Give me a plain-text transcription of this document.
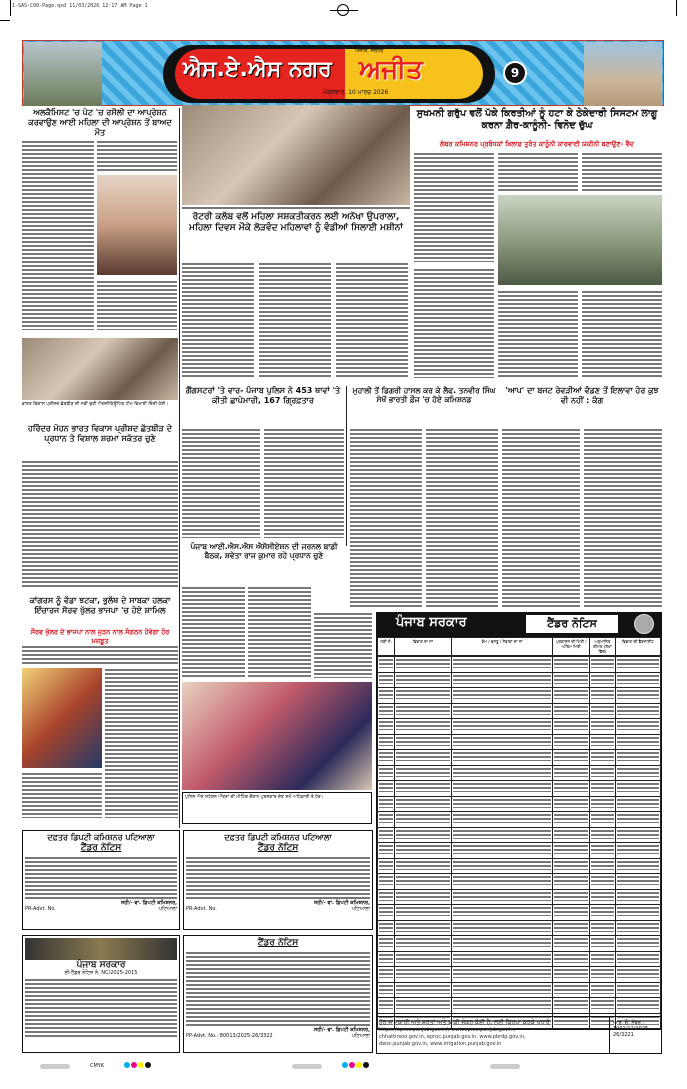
1-SAS-C00-Page.qxd 11/03/2026 12:17 AM Page 1
ਐਸ.ਏ.ਐਸ ਨਗਰ
ਅਜੀਤ, ਜਲੰਧਰ
ਅਜੀਤ
ਮੰਗਲਵਾਰ, 10 ਮਾਰਚ 2026
9
ਅਲਕੈਮਿਸਟ 'ਚ ਪੇਟ 'ਚ ਰਸੌਲੀ ਦਾ ਆਪ੍ਰੇਸ਼ਨ ਕਰਵਾਉਣ ਆਈ ਮਹਿਲਾ ਦੀ ਆਪ੍ਰੇਸ਼ਨ ਤੋਂ ਬਾਅਦ ਮੌਤ
ਭਾਰਤ ਵਿਕਾਸ ਪ੍ਰੀਸ਼ਦ ਛੱਤਬੀੜ ਦੀ ਨਵੀਂ ਚੁਣੀ ਐਗਜ਼ੀਕਿਊਟਿਵ ਟੀਮ ਵਿਖਾਈ ਦਿੰਦੀ ਹੋਈ।
ਹਰਿੰਦਰ ਮੋਹਨ ਭਾਰਤ ਵਿਕਾਸ ਪ੍ਰੀਸ਼ਦ ਛੱਤਬੀੜ ਦੇ ਪ੍ਰਧਾਨ ਤੇ ਵਿਸ਼ਾਲ ਸ਼ਰਮਾ ਸਕੱਤਰ ਚੁਣੇ
ਕਾਂਗਰਸ ਨੂੰ ਵੱਡਾ ਝਟਕਾ, ਭੁਲੱਥ ਦੇ ਸਾਬਕਾ ਹਲਕਾ ਇੰਚਾਰਜ ਸੌਰਵ ਖੁੱਲਰ ਭਾਜਪਾ 'ਚ ਹੋਏ ਸ਼ਾਮਿਲ
ਸੌਰਵ ਖੁੱਲਰ ਦੇ ਭਾਜਪਾ ਨਾਲ ਜੁੜਨ ਨਾਲ ਸੰਗਠਨ ਹੋਵੇਗਾ ਹੋਰ ਮਜ਼ਬੂਤ
ਰੋਟਰੀ ਕਲੱਬ ਵਲੋਂ ਮਹਿਲਾ ਸਸ਼ਕਤੀਕਰਨ ਲਈ ਅਨੋਖਾ ਉਪਰਾਲਾ, ਮਹਿਲਾ ਦਿਵਸ ਮੌਕੇ ਲੋੜਵੰਦ ਮਹਿਲਾਵਾਂ ਨੂੰ ਵੰਡੀਆਂ ਸਿਲਾਈ ਮਸ਼ੀਨਾਂ
ਸੁਖਮਨੀ ਗਰੁੱਪ ਵਲੋਂ ਪੱਕੇ ਕਿਰਤੀਆਂ ਨੂੰ ਹਟਾ ਕੇ ਠੇਕੇਦਾਰੀ ਸਿਸਟਮ ਲਾਗੂ ਕਰਨਾ ਗ਼ੈਰ-ਕਾਨੂੰਨੀ- ਵਿਨੋਦ ਚੁੱਘ
ਲੇਬਰ ਕਮਿਸ਼ਨਰ ਪ੍ਰਬੰਧਕਾਂ ਖ਼ਿਲਾਫ਼ ਤੁਰੰਤ ਕਾਨੂੰਨੀ ਕਾਰਵਾਈ ਯਕੀਨੀ ਬਣਾਉਣ- ਵੈਦ
ਗੈਂਗਸਟਰਾਂ 'ਤੇ ਵਾਰ- ਪੰਜਾਬ ਪੁਲਿਸ ਨੇ 453 ਥਾਵਾਂ 'ਤੇ ਕੀਤੀ ਛਾਪੇਮਾਰੀ, 167 ਗ੍ਰਿਫ਼ਤਾਰ
ਮੁਹਾਲੀ ਤੋਂ ਡਿਗਰੀ ਹਾਸਲ ਕਰ ਕੇ ਲੈਫ. ਤਨਵੀਰ ਸਿੰਘ ਸੇਖੋਂ ਭਾਰਤੀ ਫ਼ੌਜ 'ਚ ਹੋਏ ਕਮਿਸ਼ਨਡ
'ਆਪ' ਦਾ ਬਜਟ ਰੇਵੜੀਆਂ ਵੰਡਣ ਤੋਂ ਇਲਾਵਾ ਹੋਰ ਕੁਝ ਵੀ ਨਹੀਂ : ਕੰਗ
ਪੰਜਾਬ ਆਈ.ਐਸ.ਐਸ ਐਸੋਸੀਏਸ਼ਨ ਦੀ ਜਰਨਲ ਬਾਡੀ ਬੈਠਕ, ਸ਼ਵੇਤਾ ਰਾਜ ਕੁਮਾਰ ਰਹੇ ਪ੍ਰਧਾਨ ਚੁਣੇ
ਪੁਲਿਸ ਐਸ ਸਟੇਸ਼ਨ ਔਰਤਾਂ ਦੀ ਮੀਟਿੰਗ ਦੌਰਾਨ ਪੁਰਸਕਾਰ ਦੇਣ ਸਮੇਂ ਅਧਿਕਾਰੀ ਤੇ ਹੋਰ।
ਦਫ਼ਤਰ ਡਿਪਟੀ ਕਮਿਸ਼ਨਰ ਪਟਿਆਲਾ
ਟੈਂਡਰ ਨੋਟਿਸ
ਸਹੀ/- ਵਾ. ਡਿਪਟੀ ਕਮਿਸ਼ਨਰ,
PR-Advt. No.	ਪਟਿਆਲਾ
ਦਫ਼ਤਰ ਡਿਪਟੀ ਕਮਿਸ਼ਨਰ ਪਟਿਆਲਾ
ਟੈਂਡਰ ਨੋਟਿਸ
ਸਹੀ/- ਵਾ. ਡਿਪਟੀ ਕਮਿਸ਼ਨਰ,
PR-Advt. No.	ਪਟਿਆਲਾ
ਪੰਜਾਬ ਸਰਕਾਰ
ਈ-ਟੈਂਡਰ ਨੋਟਿਸ ਨੰ. NC/2025-2015
ਟੈਂਡਰ ਨੋਟਿਸ
ਸਹੀ/- ਵਾ. ਡਿਪਟੀ ਕਮਿਸ਼ਨਰ,
PP-Advt. No.: 80013/2025-26/3322	ਪਟਿਆਲਾ
ਪੰਜਾਬ ਸਰਕਾਰ	ਟੈਂਡਰ ਨੋਟਿਸ
ਲੜੀ ਨੰ.	ਵਿਭਾਗ ਦਾ ਨਾਂ	ਕੰਮ / ਵਸਤੂ / ਸੇਵਾਵਾਂ ਦਾ ਨਾਂ	ਪ੍ਰਕਾਸ਼ਨ ਦੀ ਮਿਤੀ / ਅੰਤਿਮ ਮਿਤੀ	ਅਨੁਮਾਨਿਤ ਕੀਮਤ (ਲੱਖਾਂ ਵਿੱਚ)	ਵਿਭਾਗ ਦੀ ਵੈੱਬਸਾਈਟ

ਹੋਰ ਜਾਣਕਾਰੀ ਅਤੇ ਸ਼ਰਤਾਂ ਅਤੇ ਬਾਕੀ ਜੇਕਰ ਕੋਈ ਹੈ, ਲਈ ਕਿਰਪਾ ਕਰਕੇ ਪਧਾਰੋ
https://eproc.punjab.gov.in/, www.eproc.punjab.gov.in,
chhattirxoo.gov.in, eproc.punjab.gov.in, www.pbrdp.gov.in,
dwsc.punjab.gov.in, www.irrigation.punjab.gov.in
ਆਰ. ਓ. ਨੰਬਰ : 1001/12/2025-26/3221
CMYK
